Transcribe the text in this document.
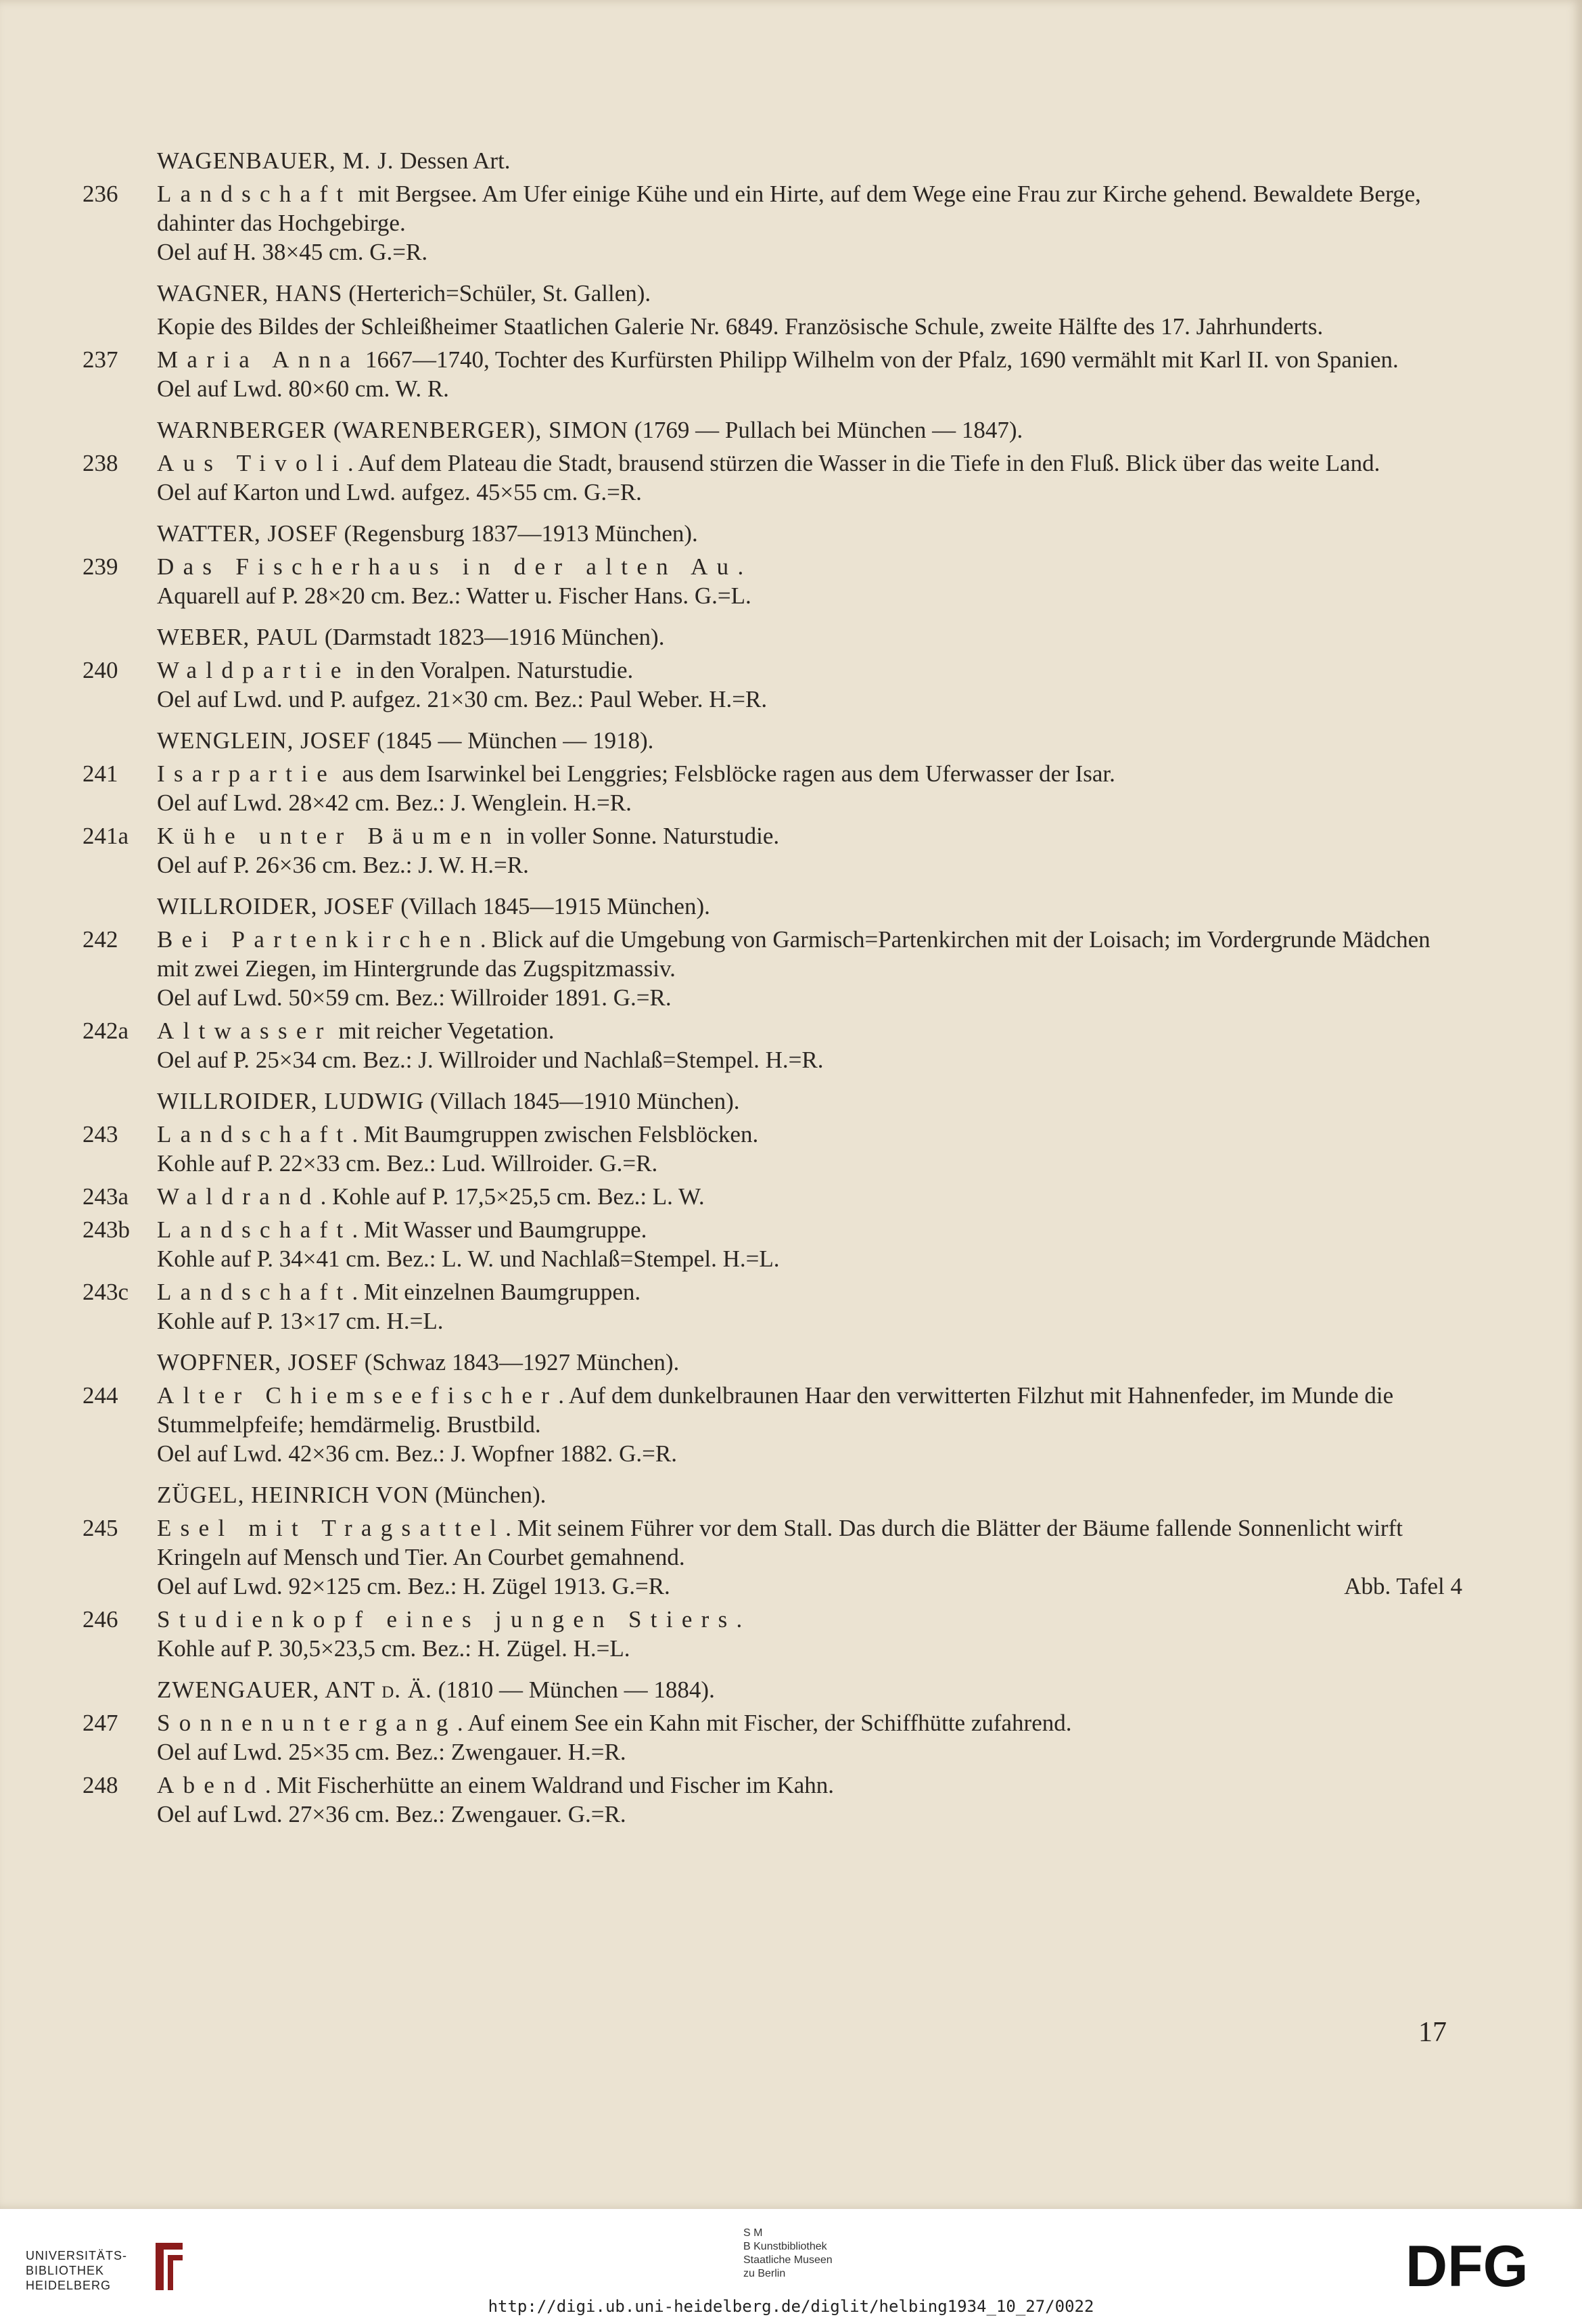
WAGENBAUER, M. J. Dessen Art.
236	Landschaft mit Bergsee. Am Ufer einige Kühe und ein Hirte, auf dem Wege eine Frau zur Kirche gehend. Bewaldete Berge, dahinter das Hochgebirge.
Oel auf H. 38×45 cm. G.=R.
WAGNER, HANS (Herterich=Schüler, St. Gallen).
Kopie des Bildes der Schleißheimer Staatlichen Galerie Nr. 6849. Französische Schule, zweite Hälfte des 17. Jahrhunderts.
237	Maria Anna 1667—1740, Tochter des Kurfürsten Philipp Wilhelm von der Pfalz, 1690 vermählt mit Karl II. von Spanien.
Oel auf Lwd. 80×60 cm. W. R.
WARNBERGER (WARENBERGER), SIMON (1769 — Pullach bei München — 1847).
238	Aus Tivoli. Auf dem Plateau die Stadt, brausend stürzen die Wasser in die Tiefe in den Fluß. Blick über das weite Land.
Oel auf Karton und Lwd. aufgez. 45×55 cm. G.=R.
WATTER, JOSEF (Regensburg 1837—1913 München).
239	Das Fischerhaus in der alten Au.
Aquarell auf P. 28×20 cm. Bez.: Watter u. Fischer Hans. G.=L.
WEBER, PAUL (Darmstadt 1823—1916 München).
240	Waldpartie in den Voralpen. Naturstudie.
Oel auf Lwd. und P. aufgez. 21×30 cm. Bez.: Paul Weber. H.=R.
WENGLEIN, JOSEF (1845 — München — 1918).
241	Isarpartie aus dem Isarwinkel bei Lenggries; Felsblöcke ragen aus dem Uferwasser der Isar.
Oel auf Lwd. 28×42 cm. Bez.: J. Wenglein. H.=R.
241a	Kühe unter Bäumen in voller Sonne. Naturstudie.
Oel auf P. 26×36 cm. Bez.: J. W. H.=R.
WILLROIDER, JOSEF (Villach 1845—1915 München).
242	Bei Partenkirchen. Blick auf die Umgebung von Garmisch=Partenkirchen mit der Loisach; im Vordergrunde Mädchen mit zwei Ziegen, im Hintergrunde das Zugspitzmassiv.
Oel auf Lwd. 50×59 cm. Bez.: Willroider 1891. G.=R.
242a	Altwasser mit reicher Vegetation.
Oel auf P. 25×34 cm. Bez.: J. Willroider und Nachlaß=Stempel. H.=R.
WILLROIDER, LUDWIG (Villach 1845—1910 München).
243	Landschaft. Mit Baumgruppen zwischen Felsblöcken.
Kohle auf P. 22×33 cm. Bez.: Lud. Willroider. G.=R.
243a	Waldrand. Kohle auf P. 17,5×25,5 cm. Bez.: L. W.
243b	Landschaft. Mit Wasser und Baumgruppe.
Kohle auf P. 34×41 cm. Bez.: L. W. und Nachlaß=Stempel. H.=L.
243c	Landschaft. Mit einzelnen Baumgruppen.
Kohle auf P. 13×17 cm. H.=L.
WOPFNER, JOSEF (Schwaz 1843—1927 München).
244	Alter Chiemseefischer. Auf dem dunkelbraunen Haar den verwitterten Filzhut mit Hahnenfeder, im Munde die Stummelpfeife; hemdärmelig. Brustbild.
Oel auf Lwd. 42×36 cm. Bez.: J. Wopfner 1882. G.=R.
ZÜGEL, HEINRICH VON (München).
245	Esel mit Tragsattel. Mit seinem Führer vor dem Stall. Das durch die Blätter der Bäume fallende Sonnenlicht wirft Kringeln auf Mensch und Tier. An Courbet gemahnend.
Oel auf Lwd. 92×125 cm. Bez.: H. Zügel 1913. G.=R.	Abb. Tafel 4
246	Studienkopf eines jungen Stiers.
Kohle auf P. 30,5×23,5 cm. Bez.: H. Zügel. H.=L.
ZWENGAUER, ANT d. Ä. (1810 — München — 1884).
247	Sonnenuntergang. Auf einem See ein Kahn mit Fischer, der Schiffhütte zufahrend.
Oel auf Lwd. 25×35 cm. Bez.: Zwengauer. H.=R.
248	Abend. Mit Fischerhütte an einem Waldrand und Fischer im Kahn.
Oel auf Lwd. 27×36 cm. Bez.: Zwengauer. G.=R.
17
UNIVERSITÄTS-
BIBLIOTHEK
HEIDELBERG
S M
B Kunstbibliothek
Staatliche Museen
zu Berlin	DFG
http://digi.ub.uni-heidelberg.de/diglit/helbing1934_10_27/0022
